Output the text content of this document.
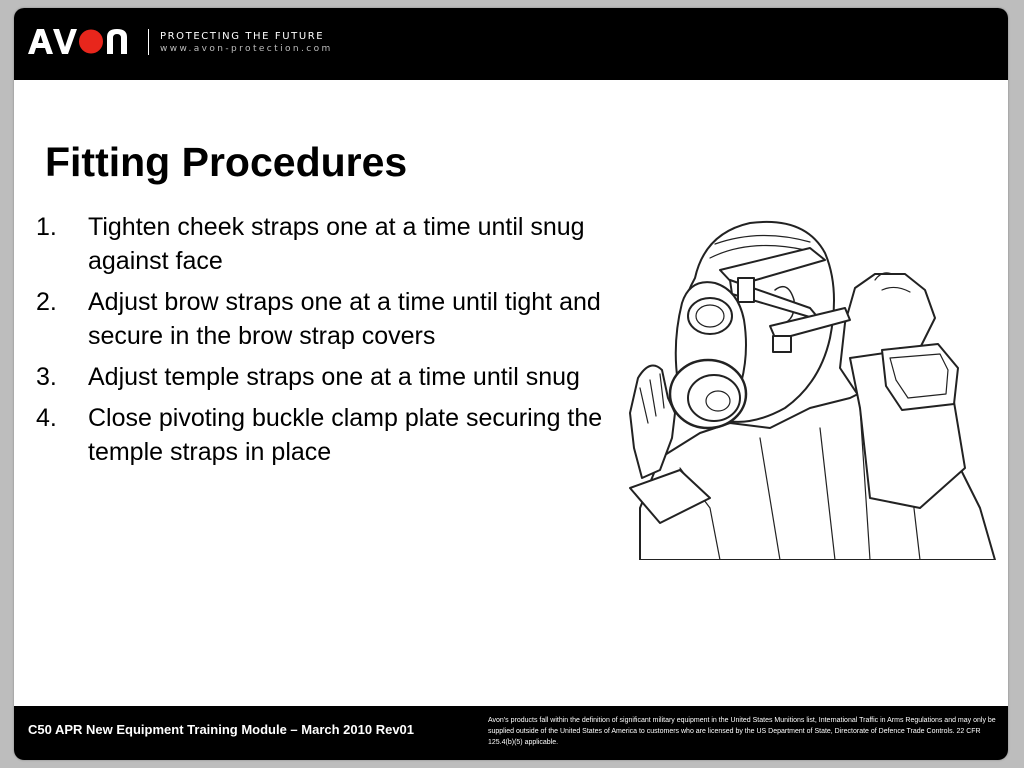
PROTECTING THE FUTURE
www.avon-protection.com
Fitting Procedures
1. Tighten cheek straps one at a time until snug against face
2. Adjust brow straps one at a time until tight and secure in the brow strap covers
3. Adjust temple straps one at a time until snug
4. Close pivoting buckle clamp plate securing the temple straps in place
C50 APR New Equipment Training Module – March 2010 Rev01
Avon's products fall within the definition of significant military equipment in the United States Munitions list, International Traffic in Arms Regulations and may only be supplied outside of the United States of America to customers who are licensed by the US Department of State, Directorate of Defence Trade Controls. 22 CFR 125.4(b)(5) applicable.
